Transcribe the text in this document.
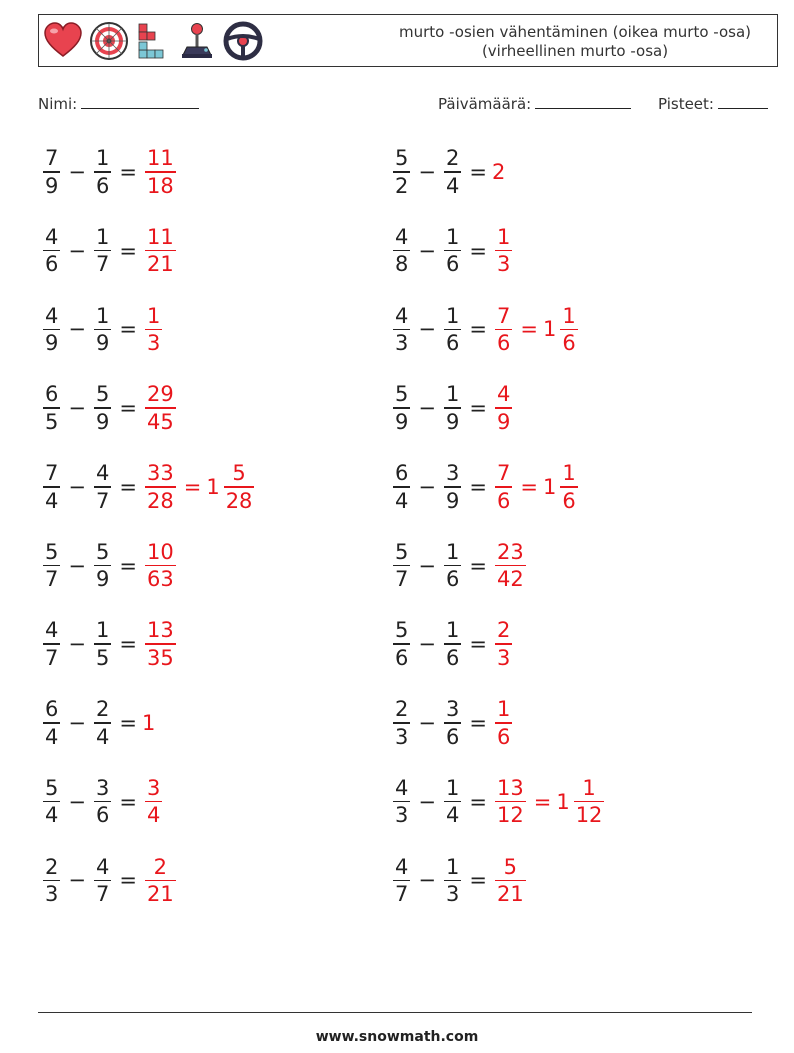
murto -osien vähentäminen (oikea murto -osa) (virheellinen murto -osa)
Nimi:	Päivämäärä:	Pisteet:
$\frac{7}{9} - \frac{1}{6} = \frac{11}{18}$	$\frac{5}{2} - \frac{2}{4} = 2$
$\frac{4}{6} - \frac{1}{7} = \frac{11}{21}$	$\frac{4}{8} - \frac{1}{6} = \frac{1}{3}$
$\frac{4}{9} - \frac{1}{9} = \frac{1}{3}$	$\frac{4}{3} - \frac{1}{6} = \frac{7}{6} = 1 \frac{1}{6}$
$\frac{6}{5} - \frac{5}{9} = \frac{29}{45}$	$\frac{5}{9} - \frac{1}{9} = \frac{4}{9}$
$\frac{7}{4} - \frac{4}{7} = \frac{33}{28} = 1 \frac{5}{28}$	$\frac{6}{4} - \frac{3}{9} = \frac{7}{6} = 1 \frac{1}{6}$
$\frac{5}{7} - \frac{5}{9} = \frac{10}{63}$	$\frac{5}{7} - \frac{1}{6} = \frac{23}{42}$
$\frac{4}{7} - \frac{1}{5} = \frac{13}{35}$	$\frac{5}{6} - \frac{1}{6} = \frac{2}{3}$
$\frac{6}{4} - \frac{2}{4} = 1$	$\frac{2}{3} - \frac{3}{6} = \frac{1}{6}$
$\frac{5}{4} - \frac{3}{6} = \frac{3}{4}$	$\frac{4}{3} - \frac{1}{4} = \frac{13}{12} = 1 \frac{1}{12}$
$\frac{2}{3} - \frac{4}{7} = \frac{2}{21}$	$\frac{4}{7} - \frac{1}{3} = \frac{5}{21}$
www.snowmath.com
